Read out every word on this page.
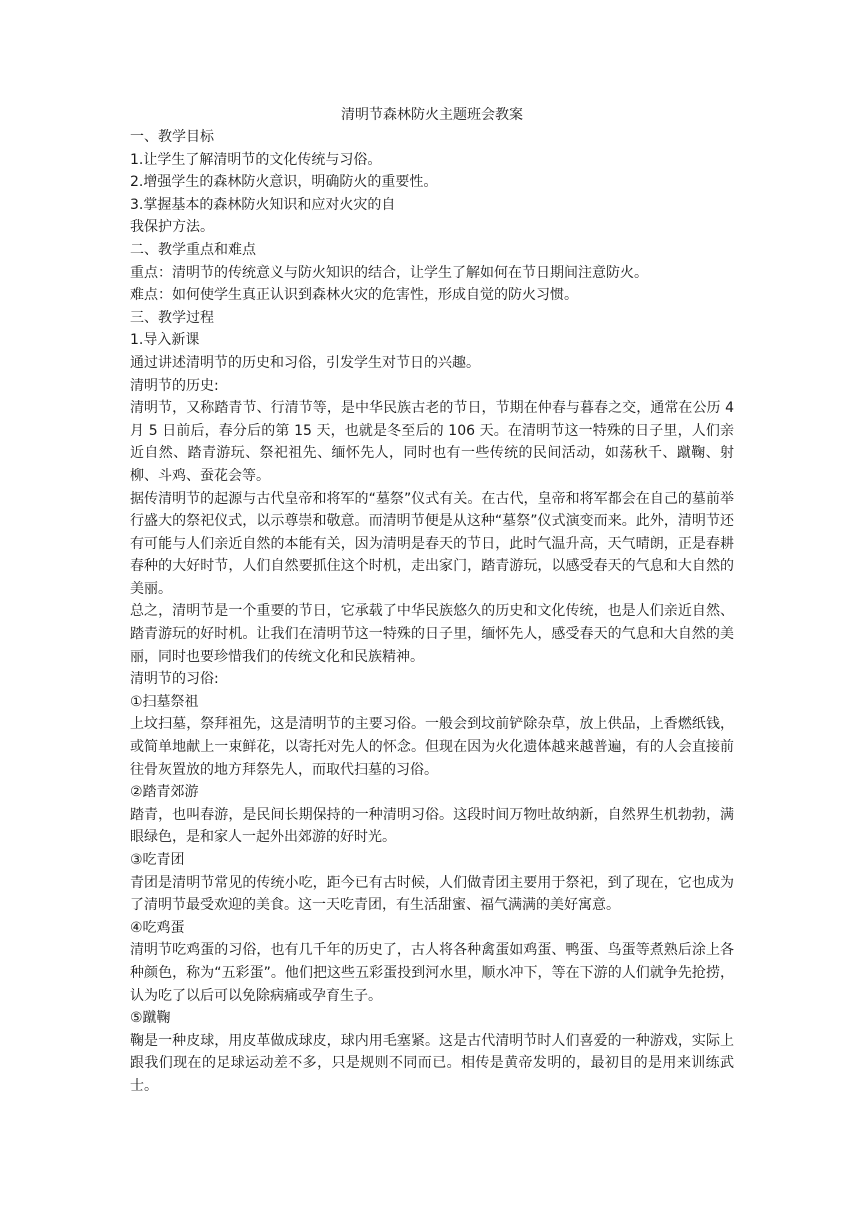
清明节森林防火主题班会教案

一、教学目标

1.让学生了解清明节的文化传统与习俗。

2.增强学生的森林防火意识，明确防火的重要性。

3.掌握基本的森林防火知识和应对火灾的自

我保护方法。

二、教学重点和难点

重点：清明节的传统意义与防火知识的结合，让学生了解如何在节日期间注意防火。

难点：如何使学生真正认识到森林火灾的危害性，形成自觉的防火习惯。

三、教学过程

1.导入新课

通过讲述清明节的历史和习俗，引发学生对节日的兴趣。

清明节的历史:

清明节，又称踏青节、行清节等，是中华民族古老的节日，节期在仲春与暮春之交，通常在公历 4 月 5 日前后，春分后的第 15 天，也就是冬至后的 106 天。在清明节这一特殊的日子里，人们亲近自然、踏青游玩、祭祀祖先、缅怀先人，同时也有一些传统的民间活动，如荡秋千、蹴鞠、射柳、斗鸡、蚕花会等。

据传清明节的起源与古代皇帝和将军的“墓祭”仪式有关。在古代，皇帝和将军都会在自己的墓前举行盛大的祭祀仪式，以示尊崇和敬意。而清明节便是从这种“墓祭”仪式演变而来。此外，清明节还有可能与人们亲近自然的本能有关，因为清明是春天的节日，此时气温升高，天气晴朗，正是春耕春种的大好时节，人们自然要抓住这个时机，走出家门，踏青游玩，以感受春天的气息和大自然的美丽。

总之，清明节是一个重要的节日，它承载了中华民族悠久的历史和文化传统，也是人们亲近自然、踏青游玩的好时机。让我们在清明节这一特殊的日子里，缅怀先人，感受春天的气息和大自然的美丽，同时也要珍惜我们的传统文化和民族精神。

清明节的习俗:

①扫墓祭祖

上坟扫墓，祭拜祖先，这是清明节的主要习俗。一般会到坟前铲除杂草，放上供品，上香燃纸钱，或简单地献上一束鲜花，以寄托对先人的怀念。但现在因为火化遗体越来越普遍，有的人会直接前往骨灰置放的地方拜祭先人，而取代扫墓的习俗。

②踏青郊游

踏青，也叫春游，是民间长期保持的一种清明习俗。这段时间万物吐故纳新，自然界生机勃勃，满眼绿色，是和家人一起外出郊游的好时光。

③吃青团

青团是清明节常见的传统小吃，距今已有古时候，人们做青团主要用于祭祀，到了现在，它也成为了清明节最受欢迎的美食。这一天吃青团，有生活甜蜜、福气满满的美好寓意。

④吃鸡蛋

清明节吃鸡蛋的习俗，也有几千年的历史了，古人将各种禽蛋如鸡蛋、鸭蛋、鸟蛋等煮熟后涂上各种颜色，称为“五彩蛋”。他们把这些五彩蛋投到河水里，顺水冲下，等在下游的人们就争先抢捞，认为吃了以后可以免除病痛或孕育生子。

⑤蹴鞠

鞠是一种皮球，用皮革做成球皮，球内用毛塞紧。这是古代清明节时人们喜爱的一种游戏，实际上跟我们现在的足球运动差不多，只是规则不同而已。相传是黄帝发明的，最初目的是用来训练武士。
